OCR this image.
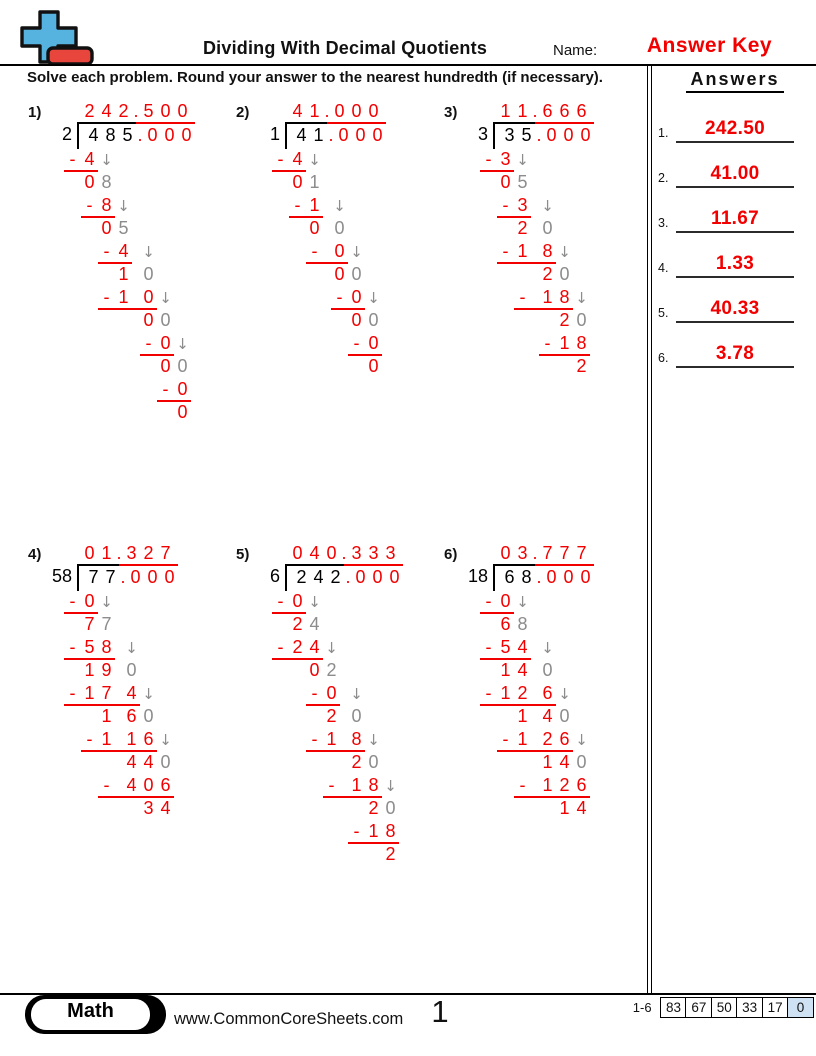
Dividing With Decimal Quotients	Name:	Answer Key
Solve each problem. Round your answer to the nearest hundredth (if necessary).	Answers
1.	242.50
2.	41.00
3.	11.67
4.	1.33
5.	40.33
6.	3.78
1) 2 4 2 . 5 0 0
2 4 8 5 . 0 0 0
- 4 ↓
0 8
- 8 ↓
0 5
- 4 ↓
1 0
- 1 0 ↓
0 0
- 0 ↓
0 0
- 0
0
2) 4 1 . 0 0 0
1 4 1 . 0 0 0
- 4 ↓
0 1
- 1 ↓
0 0
- 0 ↓
0 0
- 0 ↓
0 0
- 0
0
3) 1 1 . 6 6 6
3 3 5 . 0 0 0
- 3 ↓
0 5
- 3 ↓
2 0
- 1 8 ↓
2 0
- 1 8 ↓
2 0
- 1 8
2
4) 0 1 . 3 2 7
58 7 7 . 0 0 0
- 0 ↓
7 7
- 5 8 ↓
1 9 0
- 1 7 4 ↓
1 6 0
- 1 1 6 ↓
4 4 0
- 4 0 6
3 4
5) 0 4 0 . 3 3 3
6 2 4 2 . 0 0 0
- 0 ↓
2 4
- 2 4 ↓
0 2
- 0 ↓
2 0
- 1 8 ↓
2 0
- 1 8 ↓
2 0
- 1 8
2
6) 0 3 . 7 7 7
18 6 8 . 0 0 0
- 0 ↓
6 8
- 5 4 ↓
1 4 0
- 1 2 6 ↓
1 4 0
- 1 2 6 ↓
1 4 0
- 1 2 6
1 4
Math	www.CommonCoreSheets.com 1	1-6	83 67 50 33 17	0
